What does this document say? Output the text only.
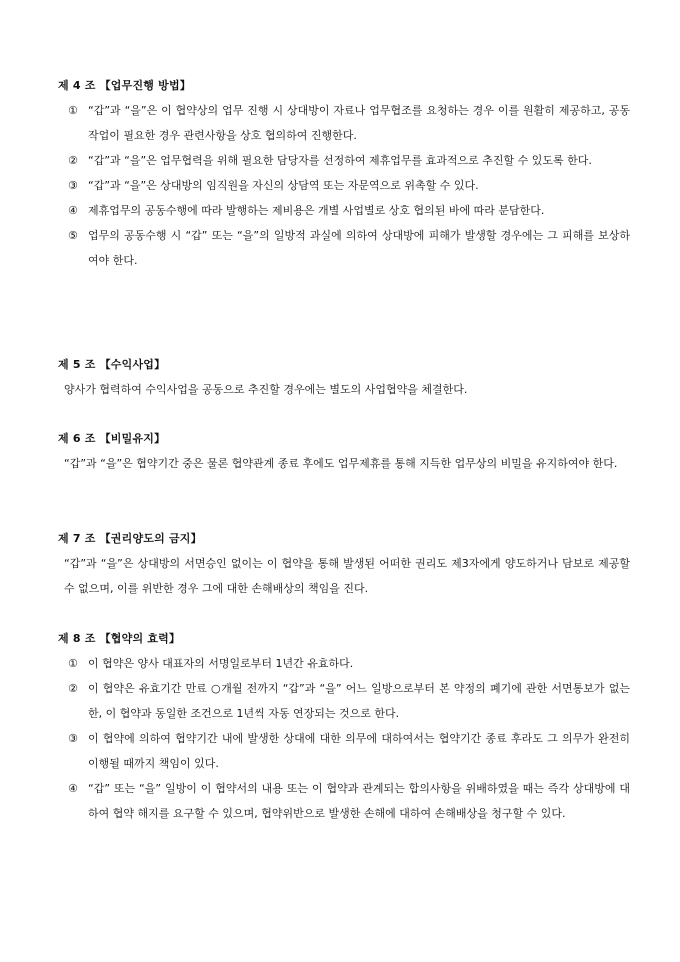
제 4 조 【업무진행 방법】
① “갑”과 “을”은 이 협약상의 업무 진행 시 상대방이 자료나 업무협조를 요청하는 경우 이를 원활히 제공하고, 공동작업이 필요한 경우 관련사항을 상호 협의하여 진행한다.
② “갑”과 “을”은 업무협력을 위해 필요한 담당자를 선정하여 제휴업무를 효과적으로 추진할 수 있도록 한다.
③ “갑”과 “을”은 상대방의 임직원을 자신의 상담역 또는 자문역으로 위촉할 수 있다.
④ 제휴업무의 공동수행에 따라 발행하는 제비용은 개별 사업별로 상호 협의된 바에 따라 분담한다.
⑤ 업무의 공동수행 시 “갑” 또는 “을”의 일방적 과실에 의하여 상대방에 피해가 발생할 경우에는 그 피해를 보상하여야 한다.
제 5 조 【수익사업】
양사가 협력하여 수익사업을 공동으로 추진할 경우에는 별도의 사업협약을 체결한다.
제 6 조 【비밀유지】
“갑”과 “을”은 협약기간 중은 물론 협약관계 종료 후에도 업무제휴를 통해 지득한 업무상의 비밀을 유지하여야 한다.
제 7 조 【권리양도의 금지】
“갑”과 “을”은 상대방의 서면승인 없이는 이 협약을 통해 발생된 어떠한 권리도 제3자에게 양도하거나 담보로 제공할 수 없으며, 이를 위반한 경우 그에 대한 손해배상의 책임을 진다.
제 8 조 【협약의 효력】
① 이 협약은 양사 대표자의 서명일로부터 1년간 유효하다.
② 이 협약은 유효기간 만료 ○개월 전까지 “갑”과 “을” 어느 일방으로부터 본 약정의 폐기에 관한 서면통보가 없는 한, 이 협약과 동일한 조건으로 1년씩 자동 연장되는 것으로 한다.
③ 이 협약에 의하여 협약기간 내에 발생한 상대에 대한 의무에 대하여서는 협약기간 종료 후라도 그 의무가 완전히 이행될 때까지 책임이 있다.
④ “갑” 또는 “을” 일방이 이 협약서의 내용 또는 이 협약과 관계되는 합의사항을 위배하였을 때는 즉각 상대방에 대하여 협약 해지를 요구할 수 있으며, 협약위반으로 발생한 손해에 대하여 손해배상을 청구할 수 있다.
